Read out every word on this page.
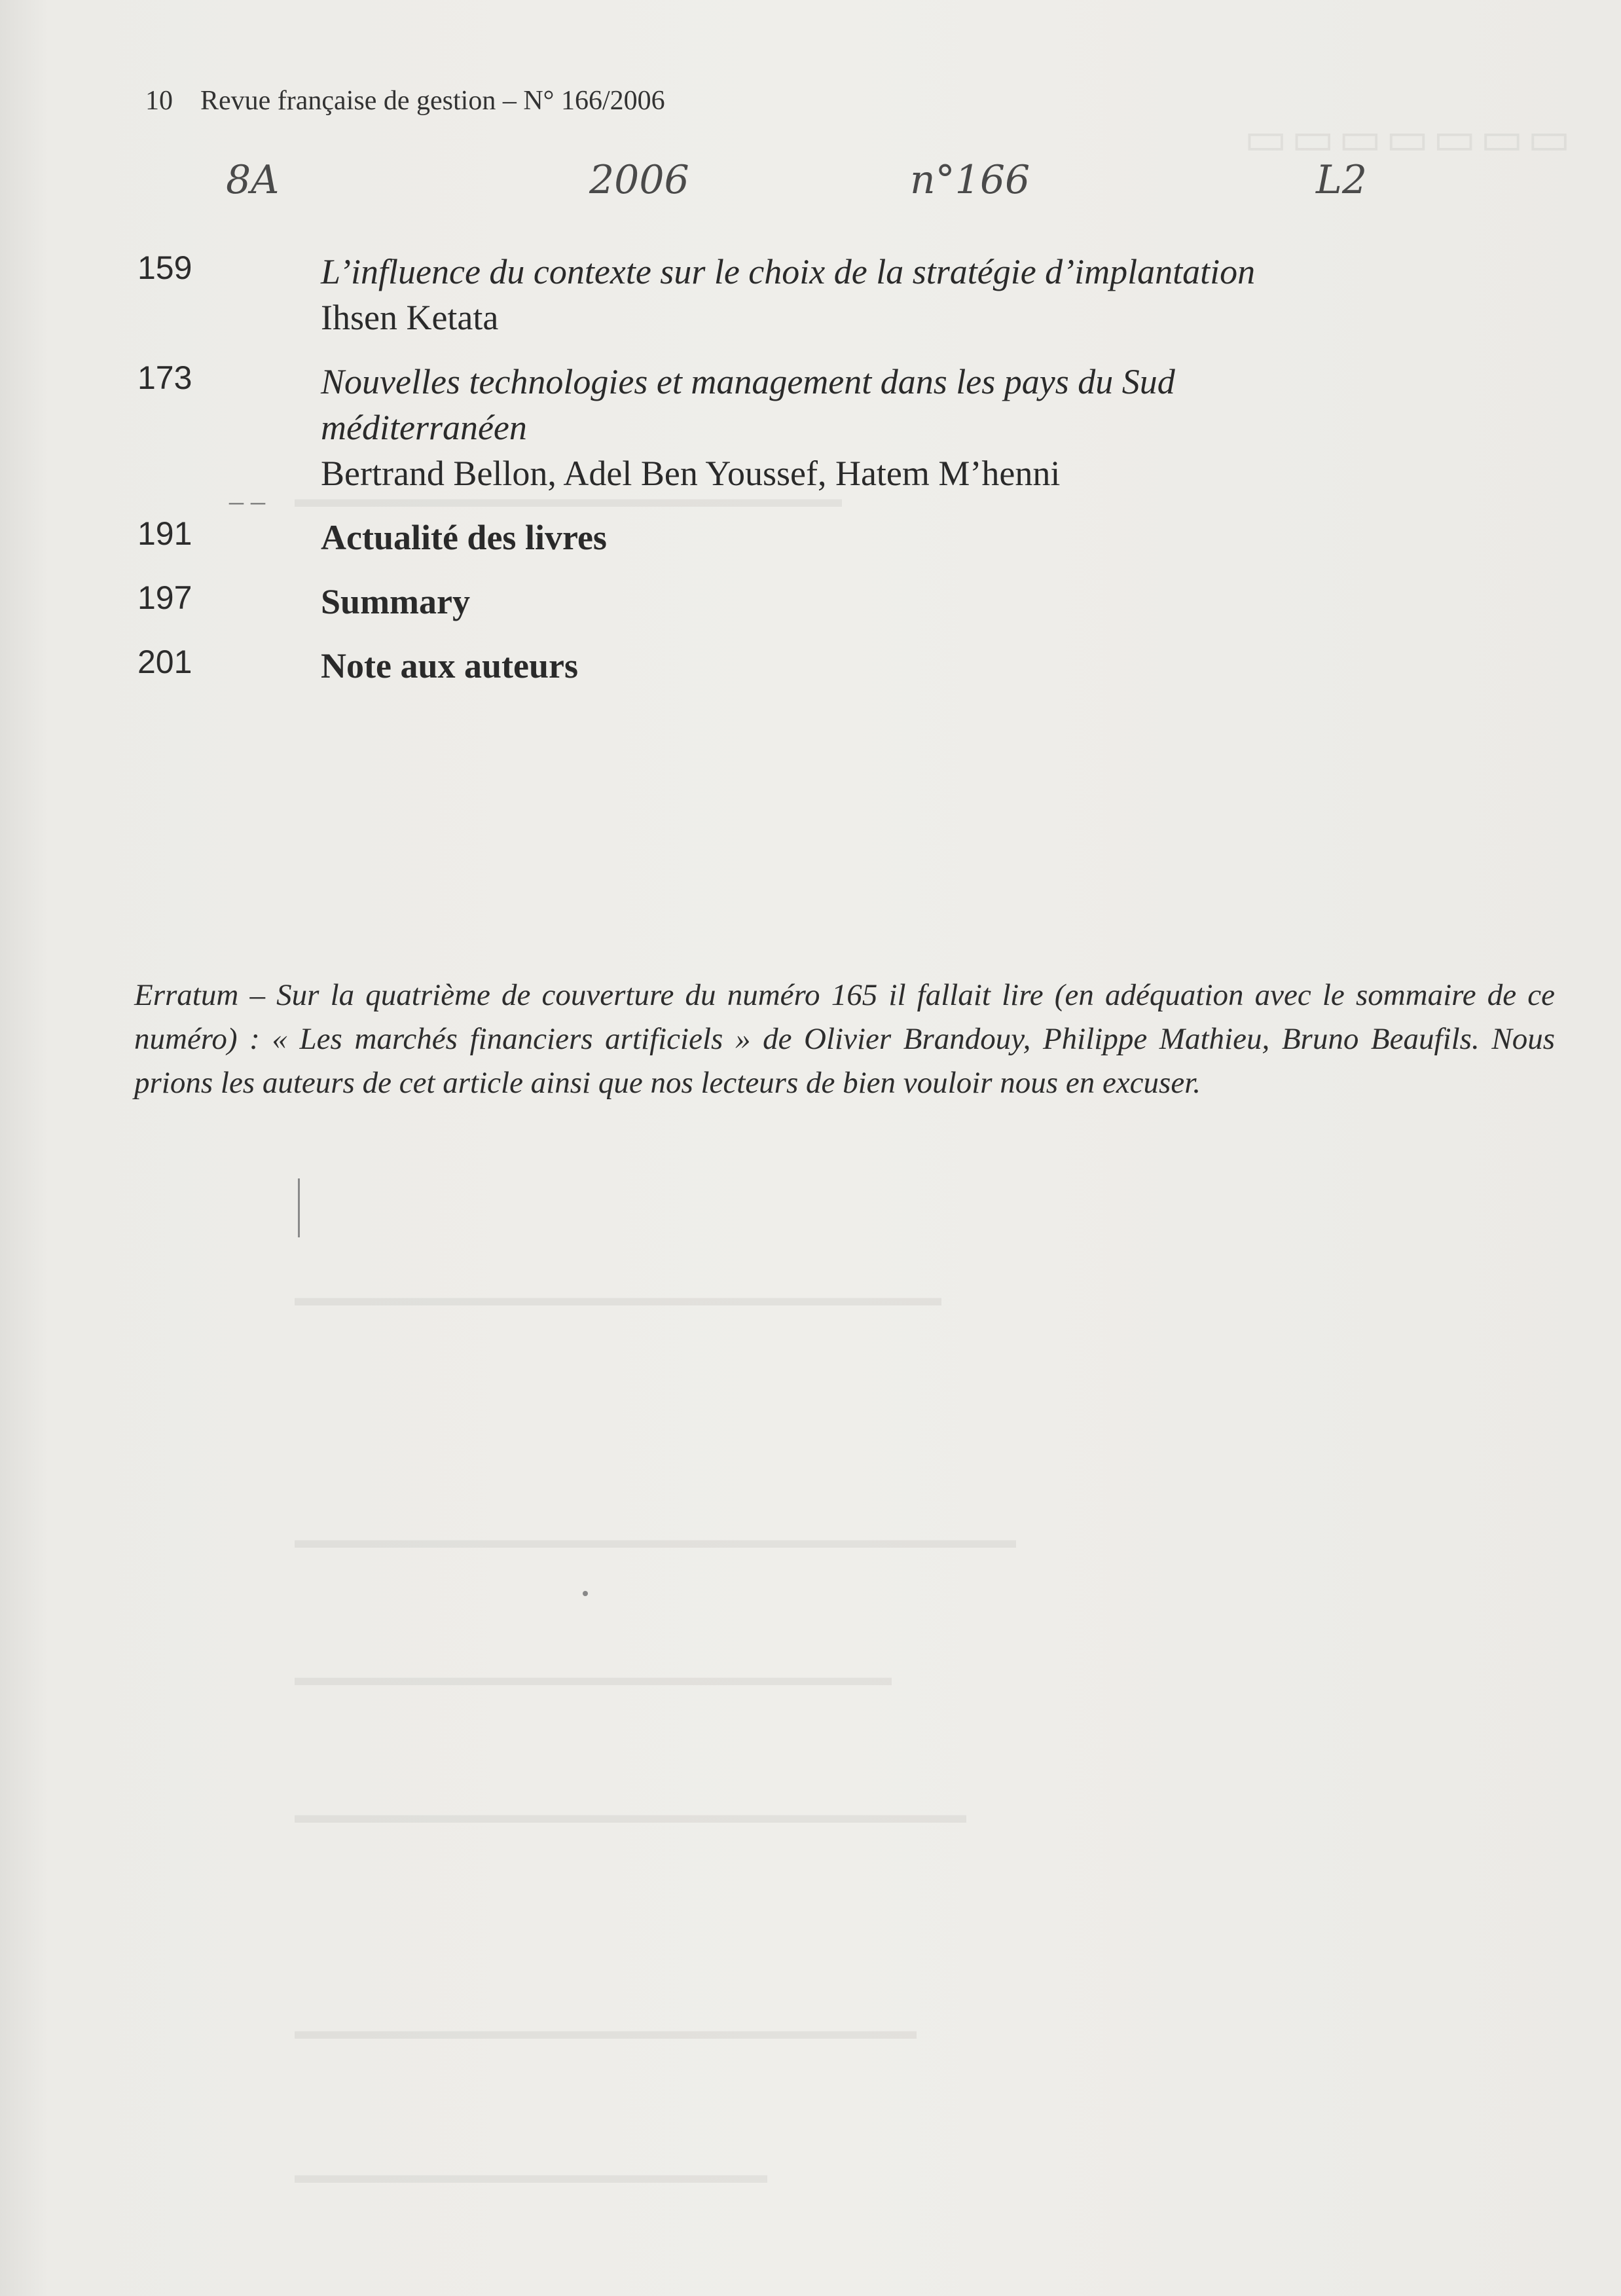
▭▭▭▭▭▭▭
▬▬▬▬▬▬▬▬▬▬▬▬▬▬▬▬▬▬▬▬▬▬
▬▬▬▬▬▬▬▬▬▬▬▬▬▬▬▬▬▬▬▬▬▬▬▬▬▬
▬▬▬▬▬▬▬▬▬▬▬▬▬▬▬▬▬▬▬▬▬▬▬▬▬▬▬▬▬
▬▬▬▬▬▬▬▬▬▬▬▬▬▬▬▬▬▬▬▬▬▬▬▬
▬▬▬▬▬▬▬▬▬▬▬▬▬▬▬▬▬▬▬▬▬▬▬▬▬▬▬
▬▬▬▬▬▬▬▬▬▬▬▬▬▬▬▬▬▬▬▬▬▬▬▬▬
▬▬▬▬▬▬▬▬▬▬▬▬▬▬▬▬▬▬▬
10 Revue française de gestion – N° 166/2006
8A	2006	n°166	L2
159	L’influence du contexte sur le choix de la stratégie d’implantation
Ihsen Ketata
173	Nouvelles technologies et management dans les pays du Sud méditerranéen
Bertrand Bellon, Adel Ben Youssef, Hatem M’henni
191	Actualité des livres
197	Summary
201	Note aux auteurs
– –

Erratum – Sur la quatrième de couverture du numéro 165 il fallait lire (en adéquation avec le sommaire de ce numéro) : « Les marchés financiers artificiels » de Olivier Brandouy, Philippe Mathieu, Bruno Beaufils. Nous prions les auteurs de cet article ainsi que nos lecteurs de bien vouloir nous en excuser.
